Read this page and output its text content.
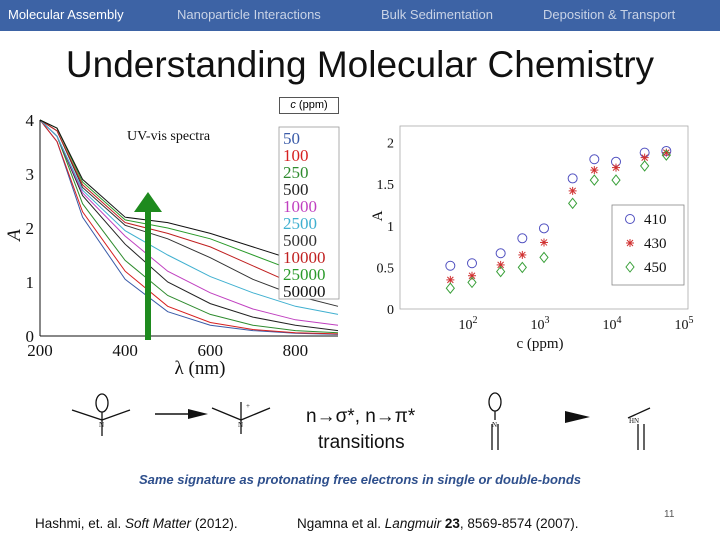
Molecular Assembly	Nanoparticle Interactions	Bulk Sedimentation	Deposition & Transport
Understanding Molecular Chemistry
200	400	600	800
0
1
2
3
4
UV-vis spectra	50
100
250
500
1000
2500
5000
10000
25000
50000
λ (nm)
A
c (ppm)
0
0.5
1
1.5
2
$10^2$	$10^3$	$10^4$	$10^5$
410
430
450
c (ppm)
A
N	N
+
N	HN
n→σ*, n→π*
transitions
Same signature as protonating free electrons in single or double-bonds
Hashmi, et. al. Soft Matter (2012).	Ngamna et al. Langmuir 23, 8569-8574 (2007).
11
